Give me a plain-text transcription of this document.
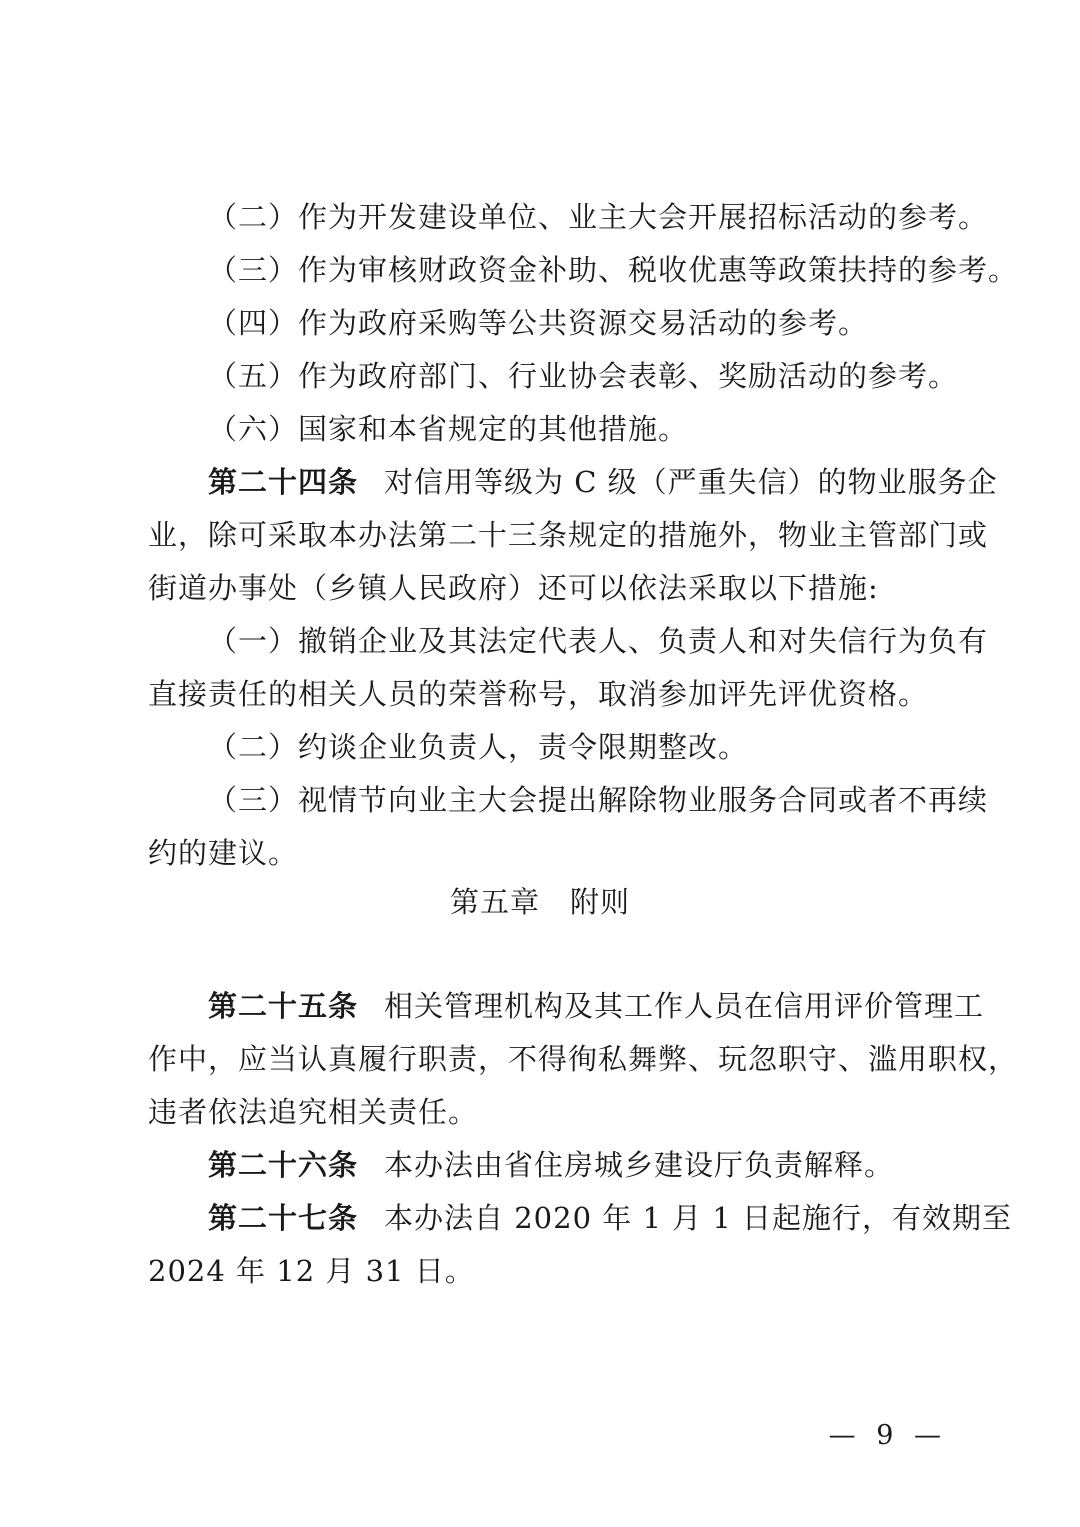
（二）作为开发建设单位、业主大会开展招标活动的参考。
（三）作为审核财政资金补助、税收优惠等政策扶持的参考。
（四）作为政府采购等公共资源交易活动的参考。
（五）作为政府部门、行业协会表彰、奖励活动的参考。
（六）国家和本省规定的其他措施。
第二十四条 对信用等级为 C 级（严重失信）的物业服务企
业，除可采取本办法第二十三条规定的措施外，物业主管部门或
街道办事处（乡镇人民政府）还可以依法采取以下措施:
（一）撤销企业及其法定代表人、负责人和对失信行为负有
直接责任的相关人员的荣誉称号，取消参加评先评优资格。
（二）约谈企业负责人，责令限期整改。
（三）视情节向业主大会提出解除物业服务合同或者不再续
约的建议。
第五章 附则
第二十五条 相关管理机构及其工作人员在信用评价管理工
作中，应当认真履行职责，不得徇私舞弊、玩忽职守、滥用职权，
违者依法追究相关责任。
第二十六条 本办法由省住房城乡建设厅负责解释。
第二十七条 本办法自 2020 年 1 月 1 日起施行，有效期至
2024 年 12 月 31 日。
— 9 —
